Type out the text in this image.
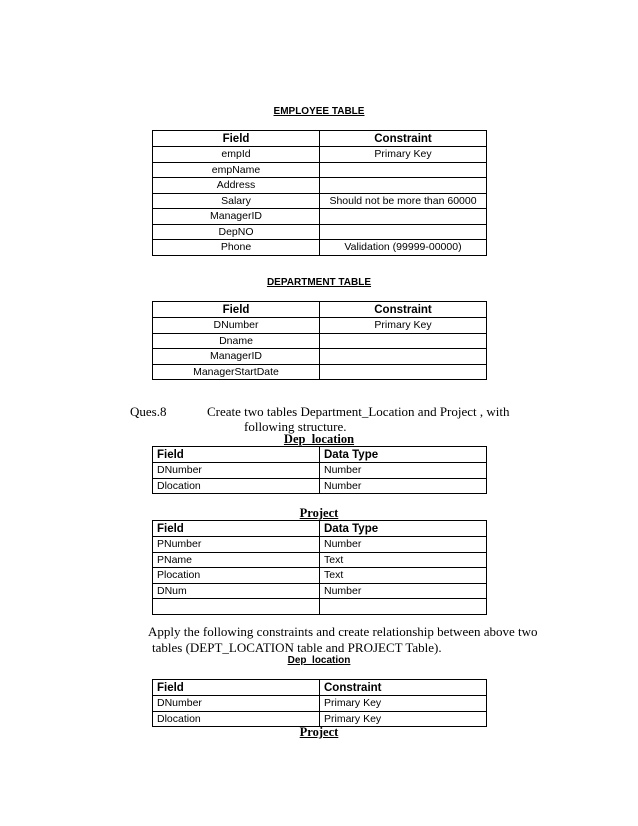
EMPLOYEE TABLE
Field	Constraint
empId	Primary Key
empName	
Address	
Salary	Should not be more than 60000
ManagerID	
DepNO	
Phone	Validation (99999-00000)
DEPARTMENT TABLE
Field	Constraint
DNumber	Primary Key
Dname	
ManagerID	
ManagerStartDate	
Ques.8	Create two tables Department_Location and Project , with
following structure.
Dep_location
Field	Data Type
DNumber	Number
Dlocation	Number
Project
Field	Data Type
PNumber	Number
PName	Text
Plocation	Text
DNum	Number

Apply the following constraints and create relationship between above two
tables (DEPT_LOCATION table and PROJECT Table).
Dep_location
Field	Constraint
DNumber	Primary Key
Dlocation	Primary Key
Project
